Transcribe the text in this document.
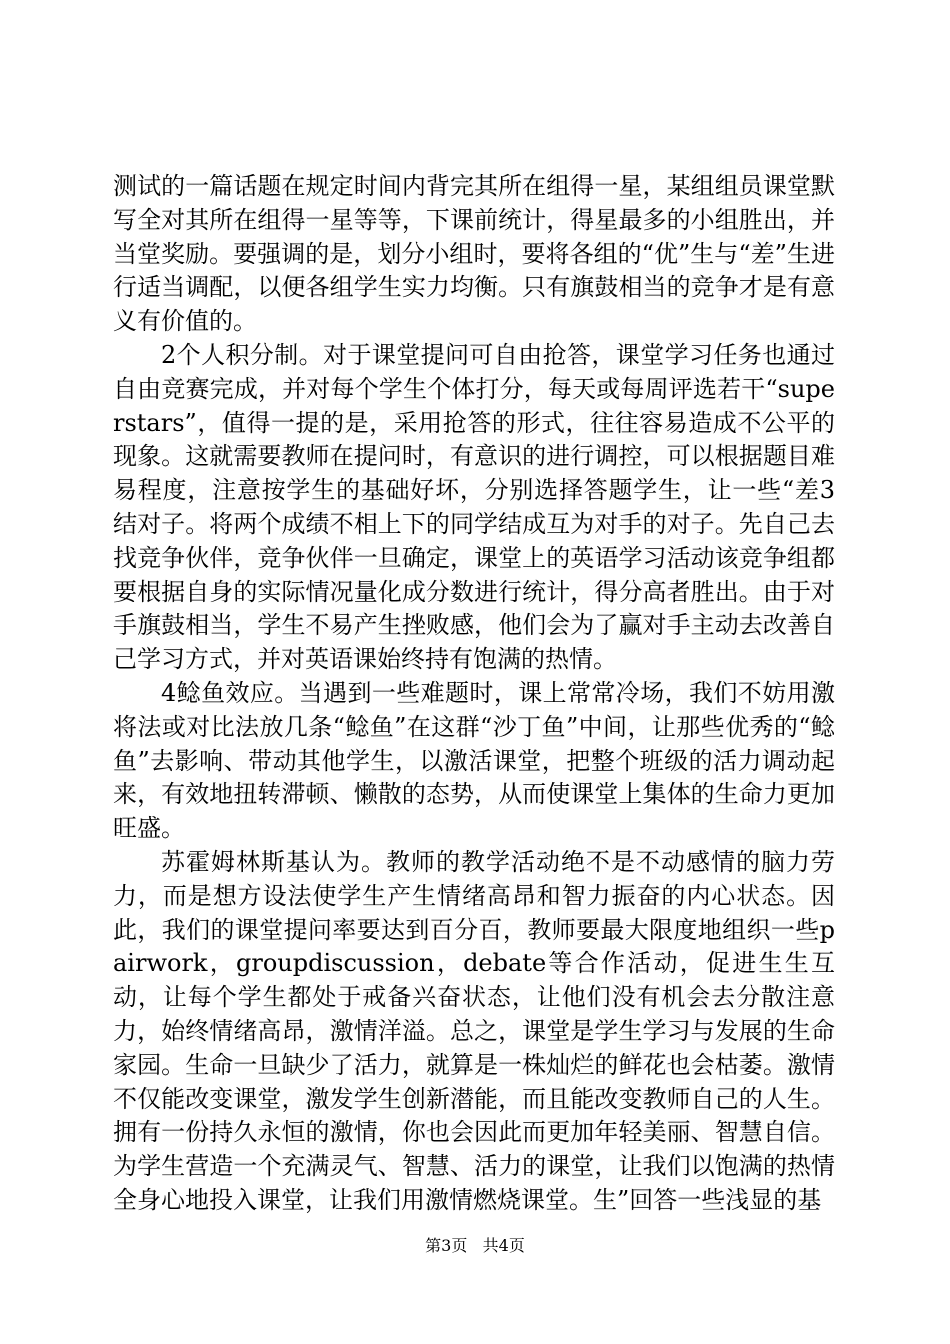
测试的一篇话题在规定时间内背完其所在组得一星，某组组员课堂默写全对其所在组得一星等等，下课前统计，得星最多的小组胜出，并当堂奖励。要强调的是，划分小组时，要将各组的“优”生与“差”生进行适当调配，以便各组学生实力均衡。只有旗鼓相当的竞争才是有意义有价值的。

2个人积分制。对于课堂提问可自由抢答，课堂学习任务也通过自由竞赛完成，并对每个学生个体打分，每天或每周评选若干“superstars”，值得一提的是，采用抢答的形式，往往容易造成不公平的现象。这就需要教师在提问时，有意识的进行调控，可以根据题目难易程度，注意按学生的基础好坏，分别选择答题学生，让一些“差3结对子。将两个成绩不相上下的同学结成互为对手的对子。先自己去找竞争伙伴，竞争伙伴一旦确定，课堂上的英语学习活动该竞争组都要根据自身的实际情况量化成分数进行统计，得分高者胜出。由于对手旗鼓相当，学生不易产生挫败感，他们会为了赢对手主动去改善自己学习方式，并对英语课始终持有饱满的热情。

4鲶鱼效应。当遇到一些难题时，课上常常冷场，我们不妨用激将法或对比法放几条“鲶鱼”在这群“沙丁鱼”中间，让那些优秀的“鲶鱼”去影响、带动其他学生，以激活课堂，把整个班级的活力调动起来，有效地扭转滞顿、懒散的态势，从而使课堂上集体的生命力更加旺盛。

苏霍姆林斯基认为。教师的教学活动绝不是不动感情的脑力劳力，而是想方设法使学生产生情绪高昂和智力振奋的内心状态。因此，我们的课堂提问率要达到百分百，教师要最大限度地组织一些pairwork，groupdiscussion，debate等合作活动，促进生生互动，让每个学生都处于戒备兴奋状态，让他们没有机会去分散注意力，始终情绪高昂，激情洋溢。总之，课堂是学生学习与发展的生命家园。生命一旦缺少了活力，就算是一株灿烂的鲜花也会枯萎。激情不仅能改变课堂，激发学生创新潜能，而且能改变教师自己的人生。拥有一份持久永恒的激情，你也会因此而更加年轻美丽、智慧自信。为学生营造一个充满灵气、智慧、活力的课堂，让我们以饱满的热情全身心地投入课堂，让我们用激情燃烧课堂。生”回答一些浅显的基

第3页 共4页
